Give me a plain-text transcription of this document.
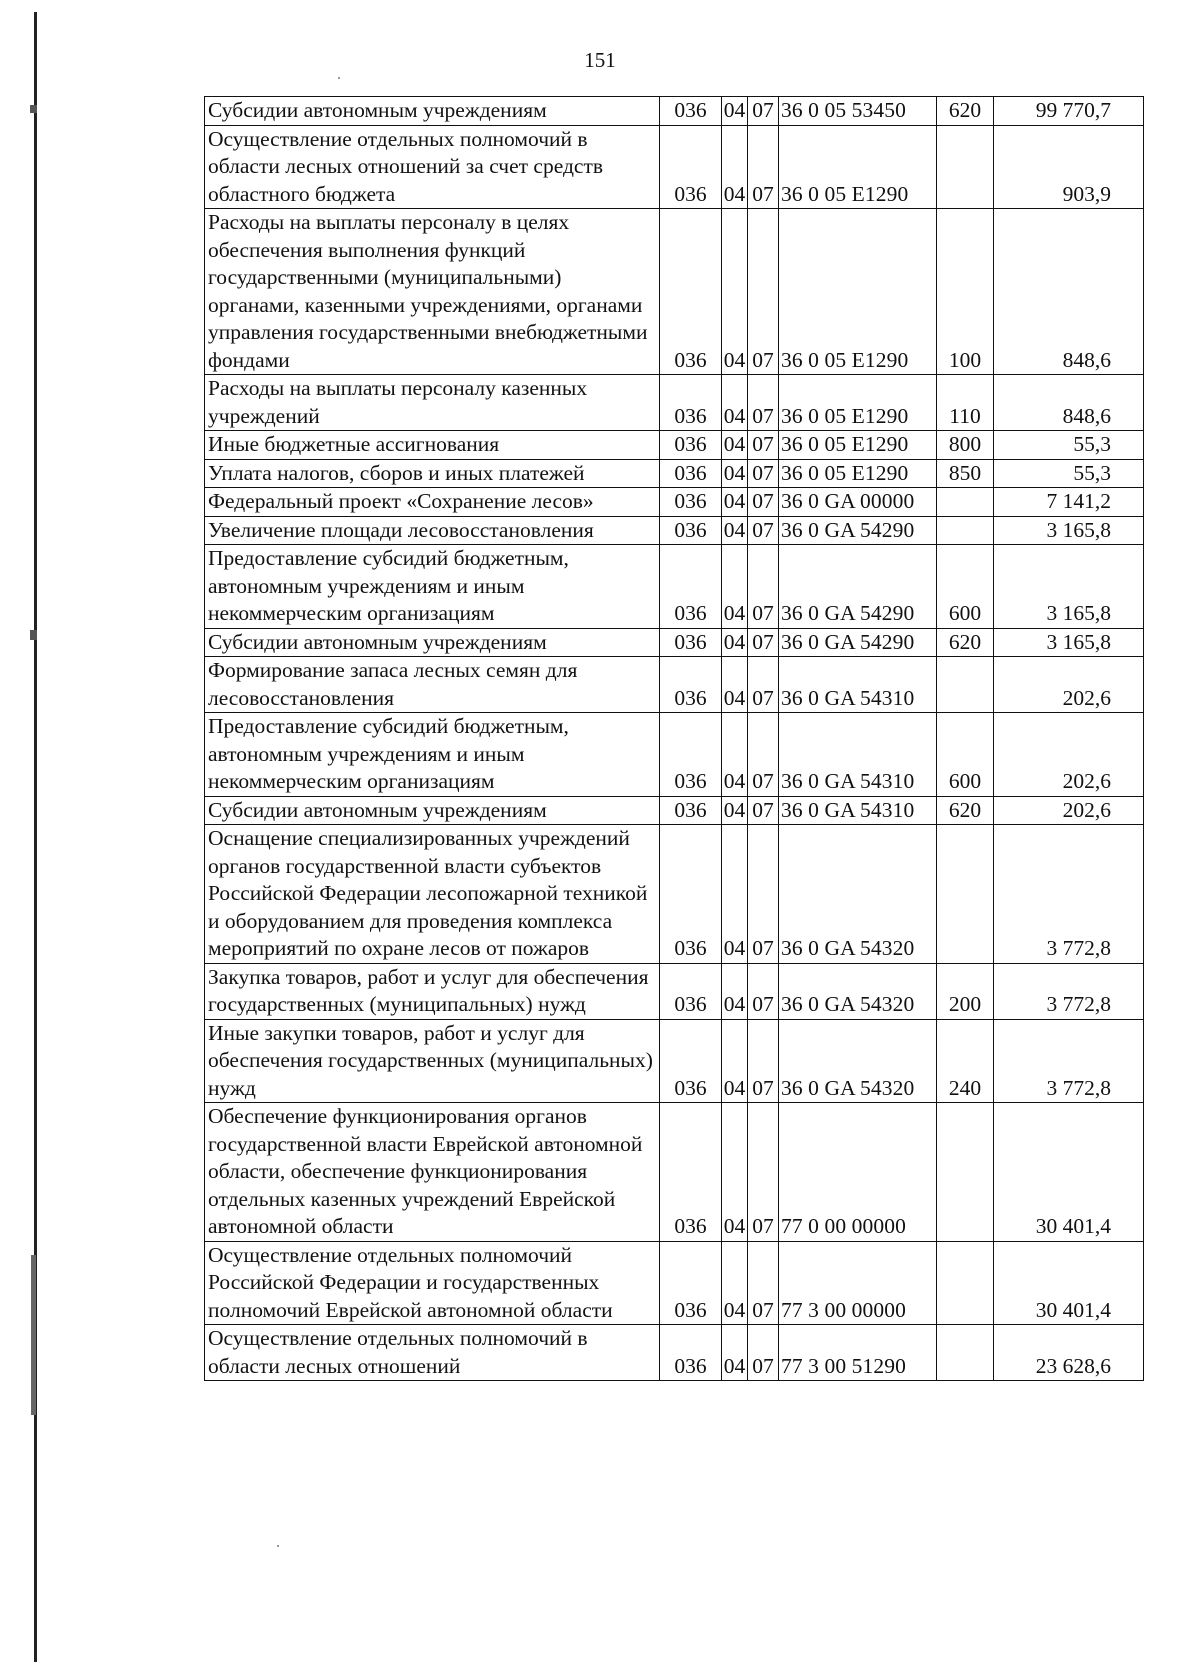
151
Субсидии автономным учреждениям	036	04	07	36 0 05 53450	620	99 770,7
Осуществление отдельных полномочий в области лесных отношений за счет средств областного бюджета	036	04	07	36 0 05 Е1290		903,9
Расходы на выплаты персоналу в целях обеспечения выполнения функций государственными (муниципальными) органами, казенными учреждениями, органами управления государственными внебюджетными фондами	036	04	07	36 0 05 Е1290	100	848,6
Расходы на выплаты персоналу казенных учреждений	036	04	07	36 0 05 Е1290	110	848,6
Иные бюджетные ассигнования	036	04	07	36 0 05 Е1290	800	55,3
Уплата налогов, сборов и иных платежей	036	04	07	36 0 05 Е1290	850	55,3
Федеральный проект «Сохранение лесов»	036	04	07	36 0 GA 00000		7 141,2
Увеличение площади лесовосстановления	036	04	07	36 0 GA 54290		3 165,8
Предоставление субсидий бюджетным, автономным учреждениям и иным некоммерческим организациям	036	04	07	36 0 GA 54290	600	3 165,8
Субсидии автономным учреждениям	036	04	07	36 0 GA 54290	620	3 165,8
Формирование запаса лесных семян для лесовосстановления	036	04	07	36 0 GA 54310		202,6
Предоставление субсидий бюджетным, автономным учреждениям и иным некоммерческим организациям	036	04	07	36 0 GA 54310	600	202,6
Субсидии автономным учреждениям	036	04	07	36 0 GA 54310	620	202,6
Оснащение специализированных учреждений органов государственной власти субъектов Российской Федерации лесопожарной техникой и оборудованием для проведения комплекса мероприятий по охране лесов от пожаров	036	04	07	36 0 GA 54320		3 772,8
Закупка товаров, работ и услуг для обеспечения государственных (муниципальных) нужд	036	04	07	36 0 GA 54320	200	3 772,8
Иные закупки товаров, работ и услуг для обеспечения государственных (муниципальных) нужд	036	04	07	36 0 GA 54320	240	3 772,8
Обеспечение функционирования органов государственной власти Еврейской автономной области, обеспечение функционирования отдельных казенных учреждений Еврейской автономной области	036	04	07	77 0 00 00000		30 401,4
Осуществление отдельных полномочий Российской Федерации и государственных полномочий Еврейской автономной области	036	04	07	77 3 00 00000		30 401,4
Осуществление отдельных полномочий в области лесных отношений	036	04	07	77 3 00 51290		23 628,6
